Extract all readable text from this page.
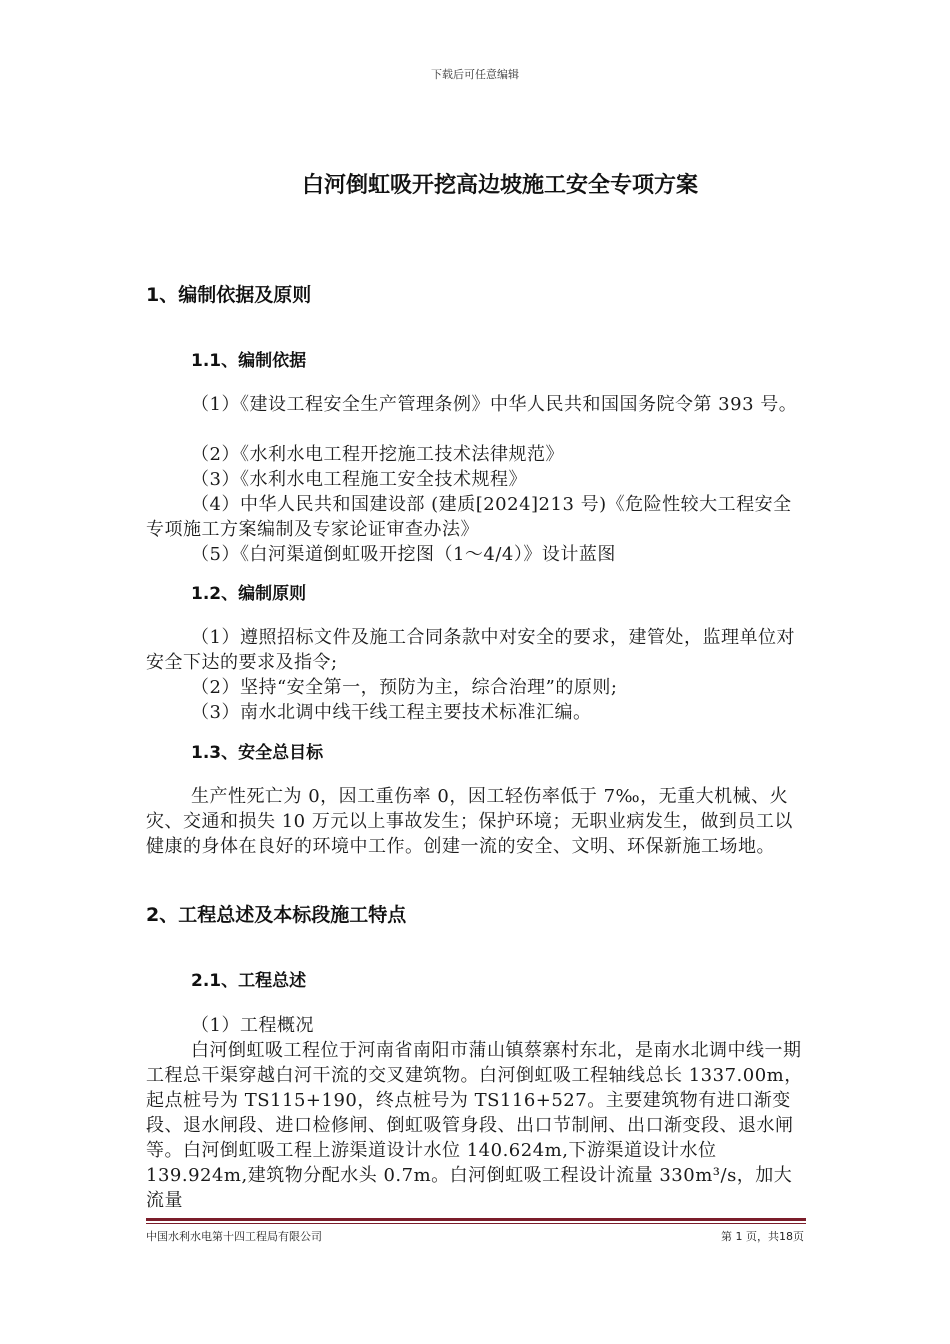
下载后可任意编辑
白河倒虹吸开挖高边坡施工安全专项方案
1、编制依据及原则
1.1、编制依据

（1）《建设工程安全生产管理条例》中华人民共和国国务院令第 393 号。

（2）《水利水电工程开挖施工技术法律规范》

（3）《水利水电工程施工安全技术规程》

（4）中华人民共和国建设部 (建质[2024]213 号)《危险性较大工程安全专项施工方案编制及专家论证审查办法》

（5）《白河渠道倒虹吸开挖图（1～4/4）》设计蓝图

1.2、编制原则

（1）遵照招标文件及施工合同条款中对安全的要求，建管处，监理单位对安全下达的要求及指令;

（2）坚持“安全第一，预防为主，综合治理”的原则;

（3）南水北调中线干线工程主要技术标准汇编。

1.3、安全总目标

生产性死亡为 0，因工重伤率 0，因工轻伤率低于 7‰，无重大机械、火灾、交通和损失 10 万元以上事故发生；保护环境；无职业病发生，做到员工以健康的身体在良好的环境中工作。创建一流的安全、文明、环保新施工场地。

2、工程总述及本标段施工特点
2.1、工程总述

（1）工程概况

白河倒虹吸工程位于河南省南阳市蒲山镇蔡寨村东北，是南水北调中线一期工程总干渠穿越白河干流的交叉建筑物。白河倒虹吸工程轴线总长 1337.00m，起点桩号为 TS115+190，终点桩号为 TS116+527。主要建筑物有进口渐变段、退水闸段、进口检修闸、倒虹吸管身段、出口节制闸、出口渐变段、退水闸等。白河倒虹吸工程上游渠道设计水位 140.624m,下游渠道设计水位 139.924m,建筑物分配水头 0.7m。白河倒虹吸工程设计流量 330m³/s，加大流量

中国水利水电第十四工程局有限公司	第 1 页，共18页
